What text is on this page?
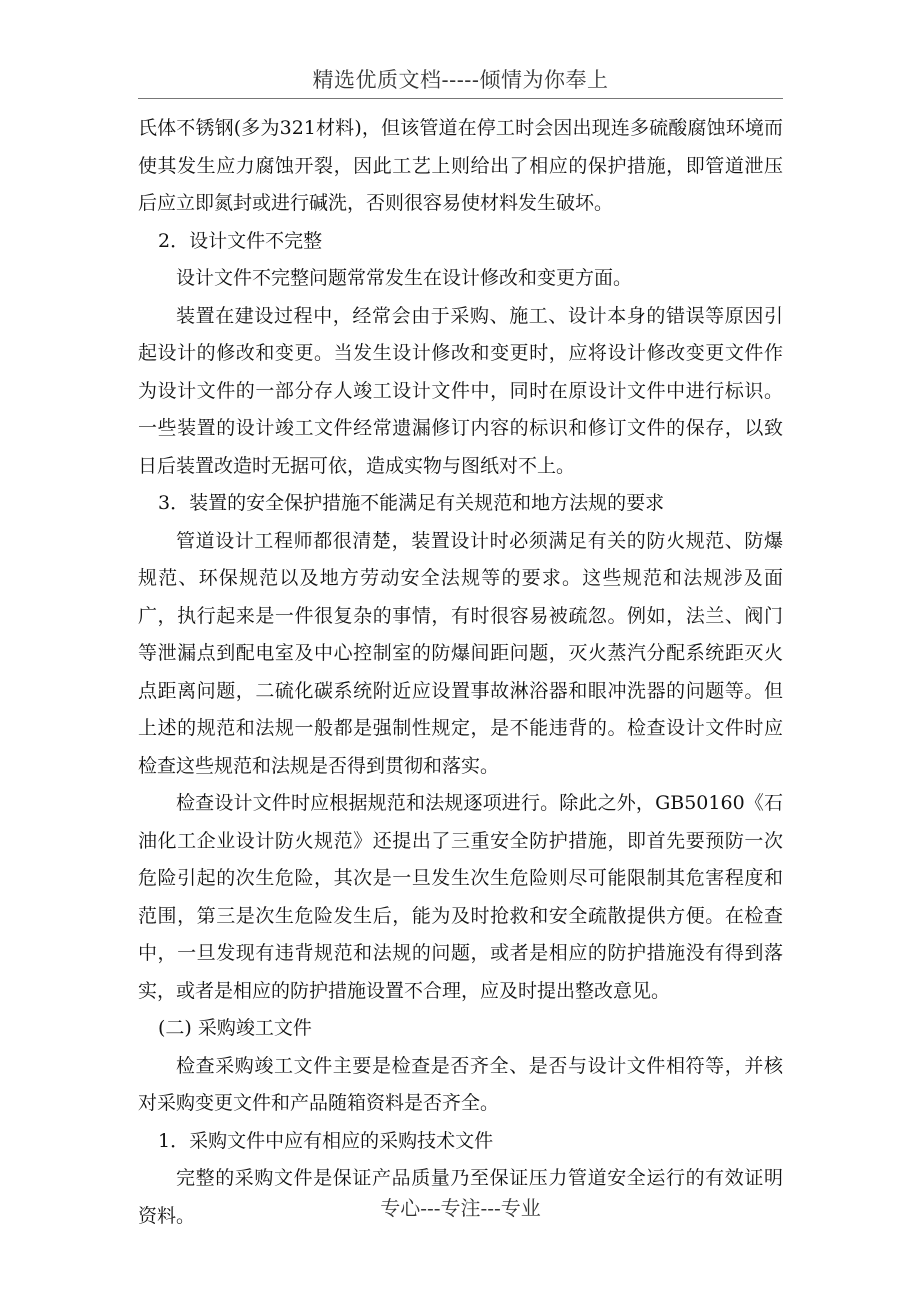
精选优质文档-----倾情为你奉上

氏体不锈钢(多为321材料)，但该管道在停工时会因出现连多硫酸腐蚀环境而使其发生应力腐蚀开裂，因此工艺上则给出了相应的保护措施，即管道泄压后应立即氮封或进行碱洗，否则很容易使材料发生破坏。

2．设计文件不完整

设计文件不完整问题常常发生在设计修改和变更方面。

装置在建设过程中，经常会由于采购、施工、设计本身的错误等原因引起设计的修改和变更。当发生设计修改和变更时，应将设计修改变更文件作为设计文件的一部分存人竣工设计文件中，同时在原设计文件中进行标识。一些装置的设计竣工文件经常遗漏修订内容的标识和修订文件的保存，以致日后装置改造时无据可依，造成实物与图纸对不上。

3．装置的安全保护措施不能满足有关规范和地方法规的要求

管道设计工程师都很清楚，装置设计时必须满足有关的防火规范、防爆规范、环保规范以及地方劳动安全法规等的要求。这些规范和法规涉及面广，执行起来是一件很复杂的事情，有时很容易被疏忽。例如，法兰、阀门等泄漏点到配电室及中心控制室的防爆间距问题，灭火蒸汽分配系统距灭火点距离问题，二硫化碳系统附近应设置事故淋浴器和眼冲洗器的问题等。但上述的规范和法规一般都是强制性规定，是不能违背的。检查设计文件时应检查这些规范和法规是否得到贯彻和落实。

检查设计文件时应根据规范和法规逐项进行。除此之外，GB50160《石油化工企业设计防火规范》还提出了三重安全防护措施，即首先要预防一次危险引起的次生危险，其次是一旦发生次生危险则尽可能限制其危害程度和范围，第三是次生危险发生后，能为及时抢救和安全疏散提供方便。在检查中，一旦发现有违背规范和法规的问题，或者是相应的防护措施没有得到落实，或者是相应的防护措施设置不合理，应及时提出整改意见。

(二) 采购竣工文件

检查采购竣工文件主要是检查是否齐全、是否与设计文件相符等，并核对采购变更文件和产品随箱资料是否齐全。

1．采购文件中应有相应的采购技术文件

完整的采购文件是保证产品质量乃至保证压力管道安全运行的有效证明资料。	专心---专注---专业
